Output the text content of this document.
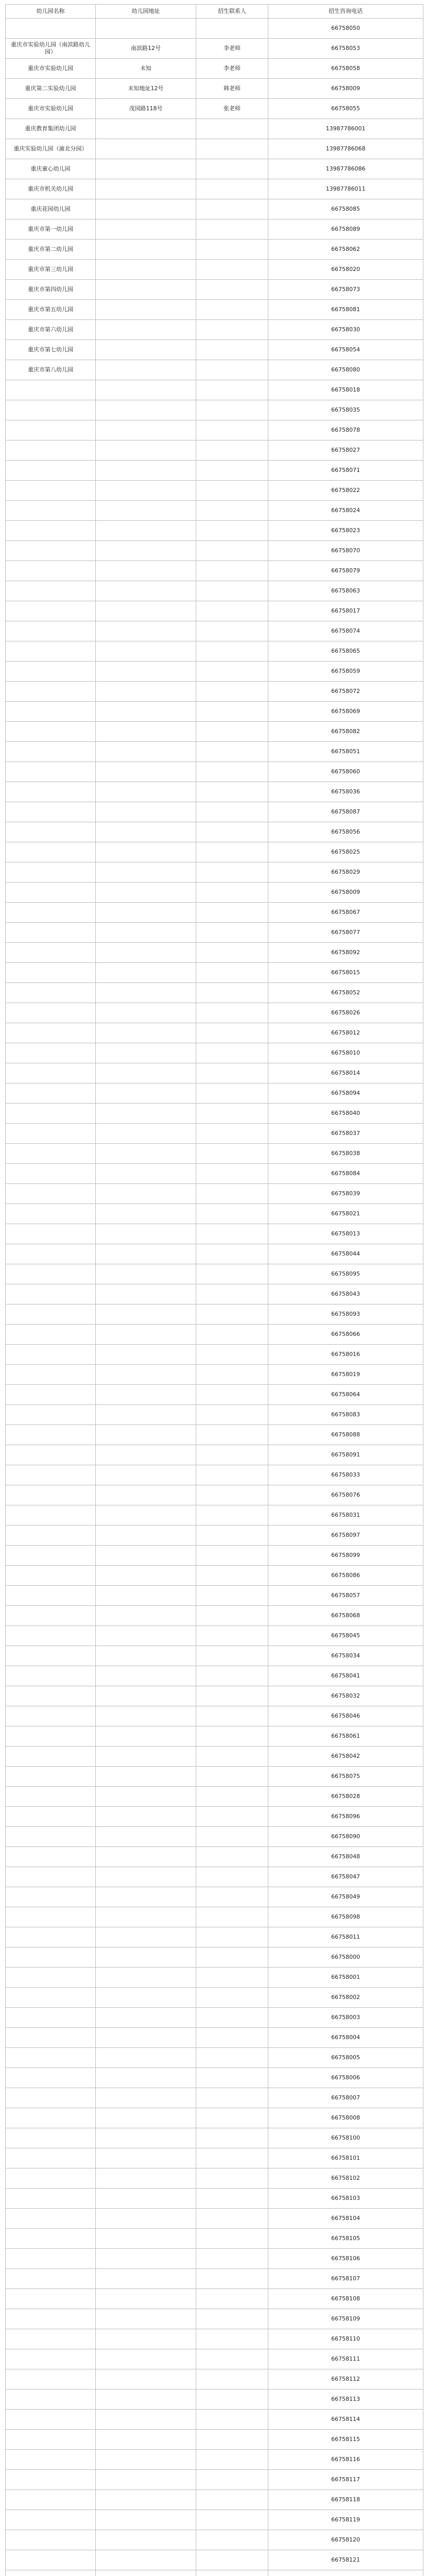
幼儿园名称	幼儿园地址	招生联系人	招生咨询电话
			66758050
重庆市实验幼儿园（南滨路幼儿园）	南滨路12号	李老师	66758053
重庆市实验幼儿园	未知	李老师	66758058
重庆第二实验幼儿园	未知地址12号	韩老师	66758009
重庆市实验幼儿园	茂园路118号	张老师	66758055
重庆教育集团幼儿园			13987786001
重庆实验幼儿园（渝北分园）			13987786068
重庆童心幼儿园			13987786086
重庆市机关幼儿园			13987786011
重庆花园幼儿园			66758085
重庆市第一幼儿园			66758089
重庆市第二幼儿园			66758062
重庆市第三幼儿园			66758020
重庆市第四幼儿园			66758073
重庆市第五幼儿园			66758081
重庆市第六幼儿园			66758030
重庆市第七幼儿园			66758054
重庆市第八幼儿园			66758080
			66758018
			66758035
			66758078
			66758027
			66758071
			66758022
			66758024
			66758023
			66758070
			66758079
			66758063
			66758017
			66758074
			66758065
			66758059
			66758072
			66758069
			66758082
			66758051
			66758060
			66758036
			66758087
			66758056
			66758025
			66758029
			66758009
			66758067
			66758077
			66758092
			66758015
			66758052
			66758026
			66758012
			66758010
			66758014
			66758094
			66758040
			66758037
			66758038
			66758084
			66758039
			66758021
			66758013
			66758044
			66758095
			66758043
			66758093
			66758066
			66758016
			66758019
			66758064
			66758083
			66758088
			66758091
			66758033
			66758076
			66758031
			66758097
			66758099
			66758086
			66758057
			66758068
			66758045
			66758034
			66758041
			66758032
			66758046
			66758061
			66758042
			66758075
			66758028
			66758096
			66758090
			66758048
			66758047
			66758049
			66758098
			66758011
			66758000
			66758001
			66758002
			66758003
			66758004
			66758005
			66758006
			66758007
			66758008
			66758100
			66758101
			66758102
			66758103
			66758104
			66758105
			66758106
			66758107
			66758108
			66758109
			66758110
			66758111
			66758112
			66758113
			66758114
			66758115
			66758116
			66758117
			66758118
			66758119
			66758120
			66758121
